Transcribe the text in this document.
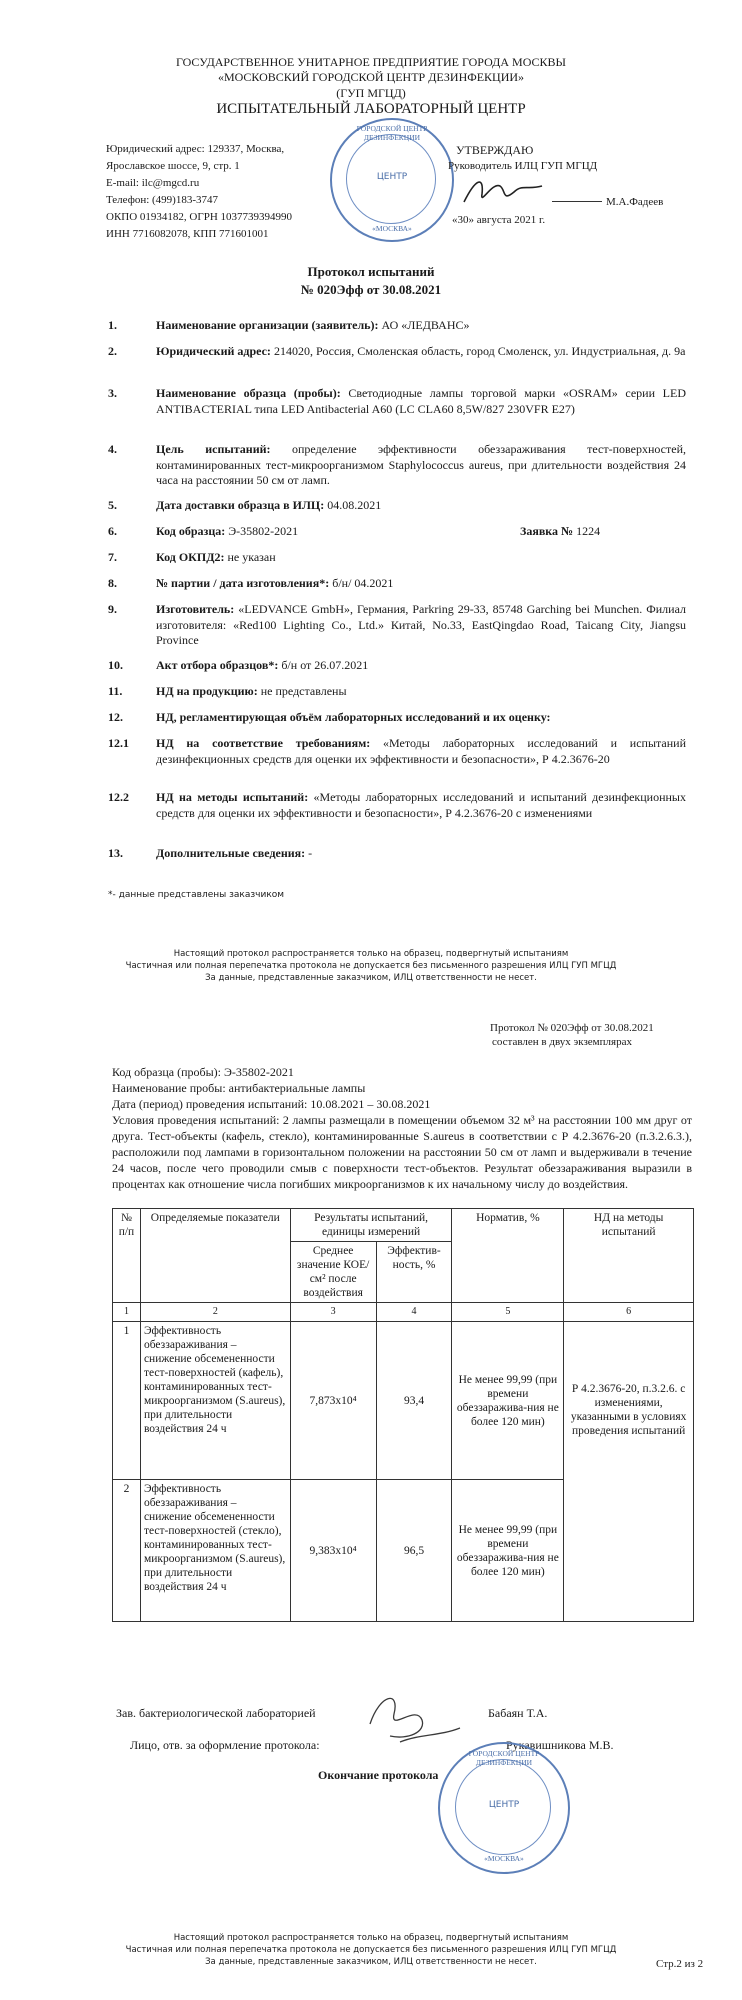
ГОСУДАРСТВЕННОЕ УНИТАРНОЕ ПРЕДПРИЯТИЕ ГОРОДА МОСКВЫ
«МОСКОВСКИЙ ГОРОДСКОЙ ЦЕНТР ДЕЗИНФЕКЦИИ»
(ГУП МГЦД)
ИСПЫТАТЕЛЬНЫЙ ЛАБОРАТОРНЫЙ ЦЕНТР
Юридический адрес: 129337, Москва,
Ярославское шоссе, 9, стр. 1
E-mail: ilc@mgcd.ru
Телефон: (499)183-3747
ОКПО 01934182, ОГРН 1037739394990
ИНН 7716082078, КПП 771601001
ГОРОДСКОЙ ЦЕНТР ДЕЗИНФЕКЦИИ
ЦЕНТР
«МОСКВА»
УТВЕРЖДАЮ
Руководитель ИЛЦ ГУП МГЦД
М.А.Фадеев
«30» августа 2021 г.
Протокол испытаний
№ 020Эфф от 30.08.2021
1.	Наименование организации (заявитель): АО «ЛЕДВАНС»
2.	Юридический адрес: 214020, Россия, Смоленская область, город Смоленск, ул. Индустриальная, д. 9а
3.	Наименование образца (пробы): Светодиодные лампы торговой марки «OSRAM» серии LED ANTIBACTERIAL типа LED Antibacterial A60 (LC CLA60 8,5W/827 230VFR E27)
4.	Цель испытаний: определение эффективности обеззараживания тест-поверхностей, контаминированных тест-микроорганизмом Staphylococcus aureus, при длительности воздействия 24 часа на расстоянии 50 см от ламп.
5.	Дата доставки образца в ИЛЦ: 04.08.2021
6.	Код образца: Э-35802-2021	Заявка № 1224
7.	Код ОКПД2: не указан
8.	№ партии / дата изготовления*: б/н/ 04.2021
9.	Изготовитель: «LEDVANCE GmbH», Германия, Parkring 29-33, 85748 Garching bei Munchen. Филиал изготовителя: «Red100 Lighting Co., Ltd.» Китай, No.33, EastQingdao Road, Taicang City, Jiangsu Province
10.	Акт отбора образцов*: б/н от 26.07.2021
11.	НД на продукцию: не представлены
12.	НД, регламентирующая объём лабораторных исследований и их оценку:
12.1 НД на соответствие требованиям: «Методы лабораторных исследований и испытаний дезинфекционных средств для оценки их эффективности и безопасности», Р 4.2.3676-20
12.2 НД на методы испытаний: «Методы лабораторных исследований и испытаний дезинфекционных средств для оценки их эффективности и безопасности», Р 4.2.3676-20 с изменениями
13.	Дополнительные сведения: -
*- данные представлены заказчиком
Настоящий протокол распространяется только на образец, подвергнутый испытаниям
Частичная или полная перепечатка протокола не допускается без письменного разрешения ИЛЦ ГУП МГЦД
За данные, представленные заказчиком, ИЛЦ ответственности не несет.
Протокол № 020Эфф от 30.08.2021
составлен в двух экземплярах
Код образца (пробы): Э-35802-2021
Наименование пробы: антибактериальные лампы
Дата (период) проведения испытаний: 10.08.2021 – 30.08.2021
Условия проведения испытаний: 2 лампы размещали в помещении объемом 32 м³ на расстоянии 100 мм друг от друга. Тест-объекты (кафель, стекло), контаминированные S.aureus в соответствии с Р 4.2.3676-20 (п.3.2.6.3.), расположили под лампами в горизонтальном положении на расстоянии 50 см от ламп и выдерживали в течение 24 часов, после чего проводили смыв с поверхности тест-объектов. Результат обеззараживания выразили в процентах как отношение числа погибших микроорганизмов к их начальному числу до воздействия.
№ п/п	Определяемые показатели	Результаты испытаний, единицы измерений		Норматив, %	НД на методы испытаний
		Среднее значение КОЕ/см² после воздействия	Эффектив-ность, %		
1	2	3	4	5	6
1	Эффективность обеззараживания – снижение обсемененности тест-поверхностей (кафель), контаминированных тест-микроорганизмом (S.aureus), при длительности воздействия 24 ч	7,873x10⁴	93,4	Не менее 99,99 (при времени обеззаражива-ния не более 120 мин)	Р 4.2.3676-20, п.3.2.6. с изменениями, указанными в условиях проведения испытаний
2	Эффективность обеззараживания – снижение обсемененности тест-поверхностей (стекло), контаминированных тест-микроорганизмом (S.aureus), при длительности воздействия 24 ч	9,383x10⁴	96,5	Не менее 99,99 (при времени обеззаражива-ния не более 120 мин)	
Зав. бактериологической лабораторией	Бабаян Т.А.
Лицо, отв. за оформление протокола:	Рукавишникова М.В.
Окончание протокола
ГОРОДСКОЙ ЦЕНТР ДЕЗИНФЕКЦИИ
ЦЕНТР
«МОСКВА»
Настоящий протокол распространяется только на образец, подвергнутый испытаниям
Частичная или полная перепечатка протокола не допускается без письменного разрешения ИЛЦ ГУП МГЦД
За данные, представленные заказчиком, ИЛЦ ответственности не несет.	Стр.2 из 2
